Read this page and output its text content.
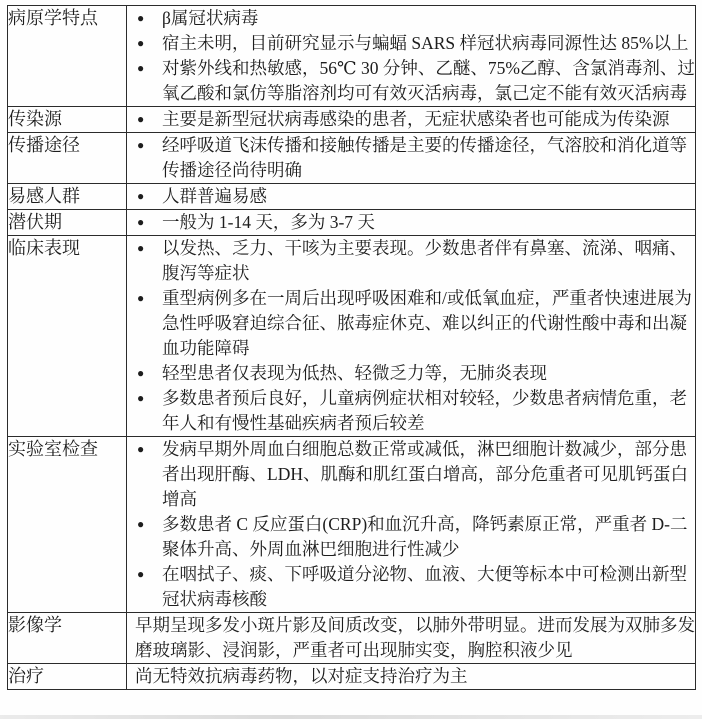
病原学特点	●	β属冠状病毒
●	宿主未明，目前研究显示与蝙蝠 SARS 样冠状病毒同源性达 85%以上
●	对紫外线和热敏感，56℃ 30 分钟、乙醚、75%乙醇、含氯消毒剂、过氧乙酸和氯仿等脂溶剂均可有效灭活病毒，氯己定不能有效灭活病毒

传染源	● 主要是新型冠状病毒感染的患者，无症状感染者也可能成为传染源

传播途径	● 经呼吸道飞沫传播和接触传播是主要的传播途径，气溶胶和消化道等传播途径尚待明确

易感人群	● 人群普遍易感

潜伏期	● 一般为 1-14 天，多为 3-7 天

临床表现	●	以发热、乏力、干咳为主要表现。少数患者伴有鼻塞、流涕、咽痛、腹泻等症状
●	重型病例多在一周后出现呼吸困难和/或低氧血症，严重者快速进展为急性呼吸窘迫综合征、脓毒症休克、难以纠正的代谢性酸中毒和出凝血功能障碍
●	轻型患者仅表现为低热、轻微乏力等，无肺炎表现
●	多数患者预后良好，儿童病例症状相对较轻，少数患者病情危重，老年人和有慢性基础疾病者预后较差

实验室检查	●	发病早期外周血白细胞总数正常或减低，淋巴细胞计数减少，部分患者出现肝酶、LDH、肌酶和肌红蛋白增高，部分危重者可见肌钙蛋白增高
●	多数患者 C 反应蛋白(CRP)和血沉升高，降钙素原正常，严重者 D-二聚体升高、外周血淋巴细胞进行性减少
●	在咽拭子、痰、下呼吸道分泌物、血液、大便等标本中可检测出新型冠状病毒核酸

影像学	早期呈现多发小斑片影及间质改变，以肺外带明显。进而发展为双肺多发磨玻璃影、浸润影，严重者可出现肺实变，胸腔积液少见

治疗	尚无特效抗病毒药物，以对症支持治疗为主
